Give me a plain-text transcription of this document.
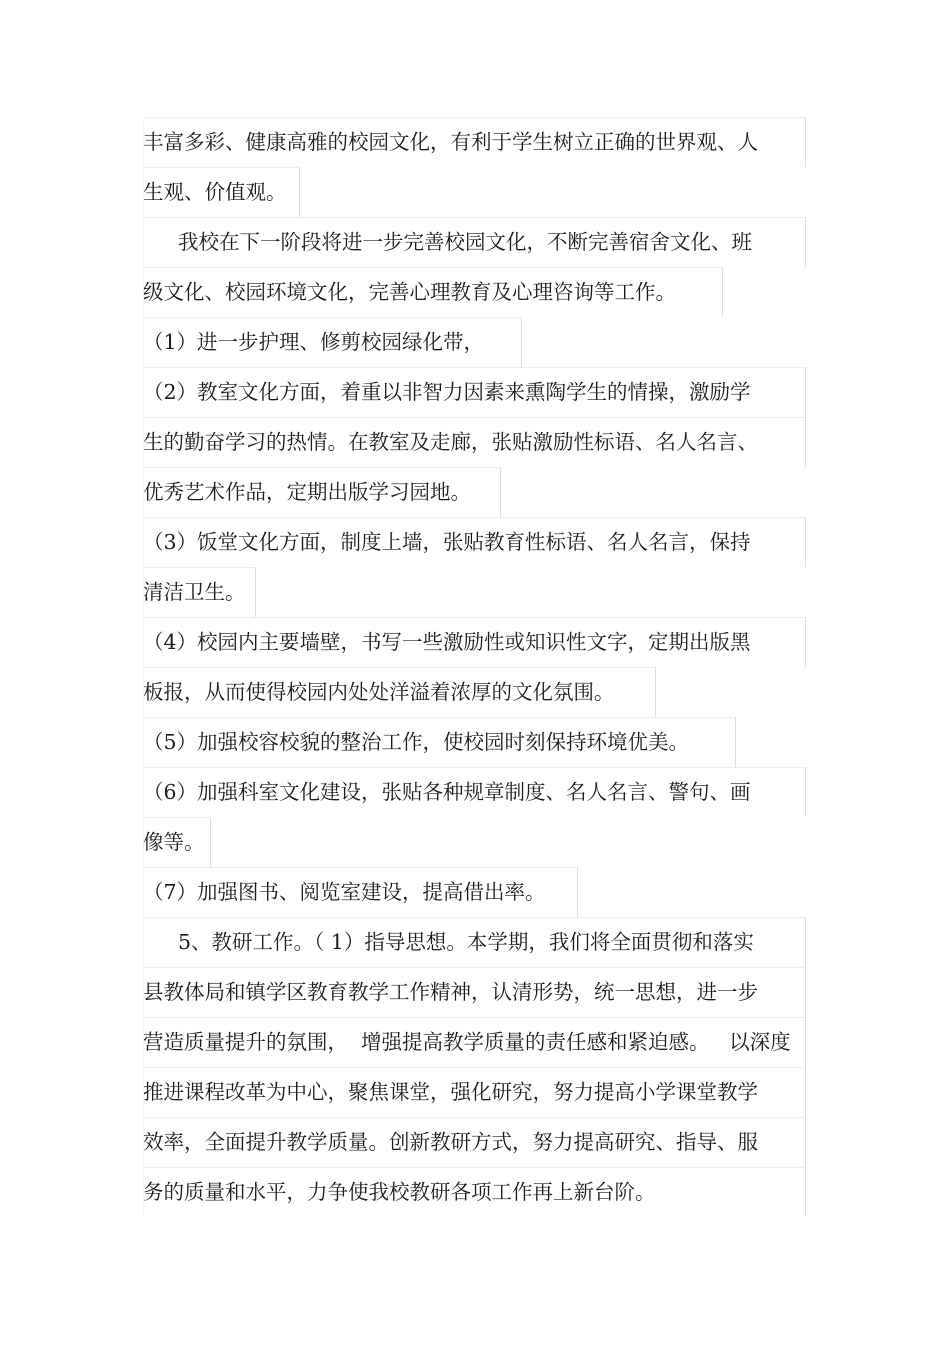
丰富多彩、健康高雅的校园文化，有利于学生树立正确的世界观、人
生观、价值观。
我校在下一阶段将进一步完善校园文化，不断完善宿舍文化、班
级文化、校园环境文化，完善心理教育及心理咨询等工作。
（1）进一步护理、修剪校园绿化带，
（2）教室文化方面，着重以非智力因素来熏陶学生的情操，激励学
生的勤奋学习的热情。在教室及走廊，张贴激励性标语、名人名言、
优秀艺术作品，定期出版学习园地。
（3）饭堂文化方面，制度上墙，张贴教育性标语、名人名言，保持
清洁卫生。
（4）校园内主要墙壁，书写一些激励性或知识性文字，定期出版黑
板报，从而使得校园内处处洋溢着浓厚的文化氛围。
（5）加强校容校貌的整治工作，使校园时刻保持环境优美。
（6）加强科室文化建设，张贴各种规章制度、名人名言、警句、画
像等。
（7）加强图书、阅览室建设，提高借出率。
5、教研工作。（ 1）指导思想。本学期，我们将全面贯彻和落实
县教体局和镇学区教育教学工作精神，认清形势，统一思想，进一步
营造质量提升的氛围，  增强提高教学质量的责任感和紧迫感。   以深度
推进课程改革为中心，聚焦课堂，强化研究，努力提高小学课堂教学
效率，全面提升教学质量。创新教研方式，努力提高研究、指导、服
务的质量和水平，力争使我校教研各项工作再上新台阶。
